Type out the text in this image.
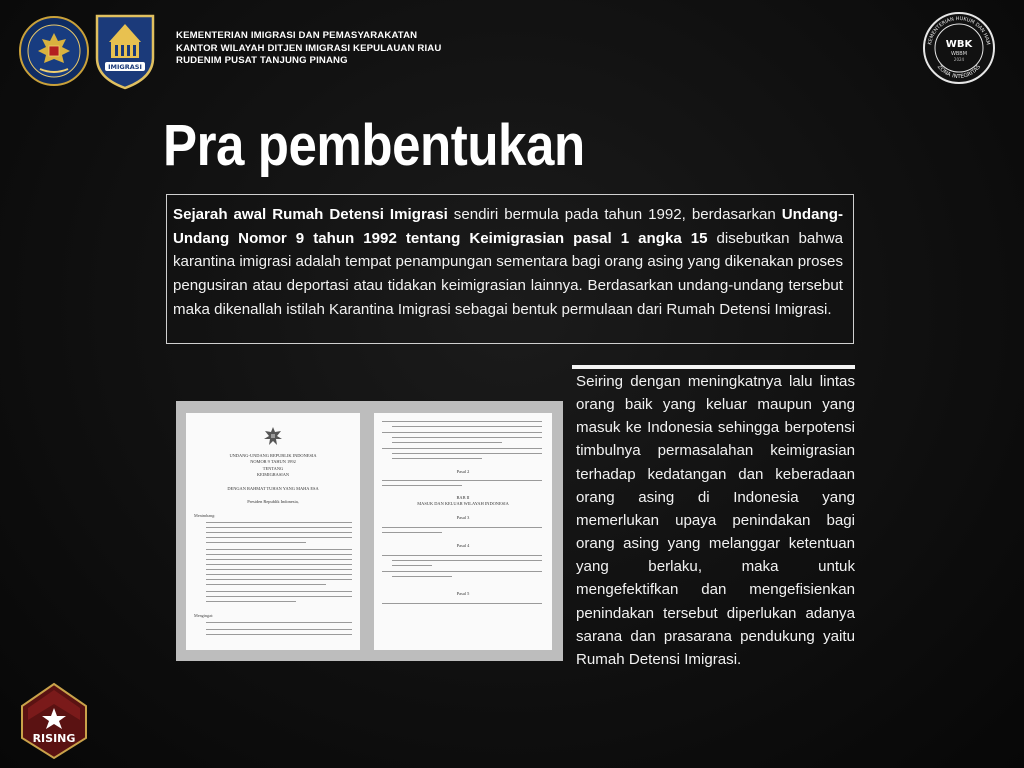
IMIGRASI
KEMENTERIAN HUKUM DAN HAM
ZONA INTEGRITAS
WBK
WBBM
2024
RISING
KEMENTERIAN IMIGRASI DAN PEMASYARAKATAN
KANTOR WILAYAH DITJEN IMIGRASI KEPULAUAN RIAU
RUDENIM PUSAT TANJUNG PINANG
Pra pembentukan
Sejarah awal Rumah Detensi Imigrasi sendiri bermula pada tahun 1992, berdasarkan Undang-Undang Nomor 9 tahun 1992 tentang Keimigrasian pasal 1 angka 15 disebutkan bahwa karantina imigrasi adalah tempat penampungan sementara bagi orang asing yang dikenakan proses pengusiran atau deportasi atau tidakan keimigrasian lainnya. Berdasarkan undang-undang tersebut maka dikenallah istilah Karantina Imigrasi sebagai bentuk permulaan dari Rumah Detensi Imigrasi.
Seiring dengan meningkatnya lalu lintas orang baik yang keluar maupun yang masuk ke Indonesia sehingga berpotensi timbulnya permasalahan keimigrasian terhadap kedatangan dan keberadaan orang asing di Indonesia yang memerlukan upaya penindakan bagi orang asing yang melanggar ketentuan yang berlaku, maka untuk mengefektifkan dan mengefisienkan penindakan tersebut diperlukan adanya sarana dan prasarana pendukung yaitu Rumah Detensi Imigrasi.
UNDANG-UNDANG REPUBLIK INDONESIA
NOMOR 9 TAHUN 1992
TENTANG
KEIMIGRASIAN
DENGAN RAHMAT TUHAN YANG MAHA ESA
Presiden Republik Indonesia,
Menimbang:
Mengingat:
Pasal 2
BAB II
MASUK DAN KELUAR WILAYAH INDONESIA
Pasal 3
Pasal 4
Pasal 5
